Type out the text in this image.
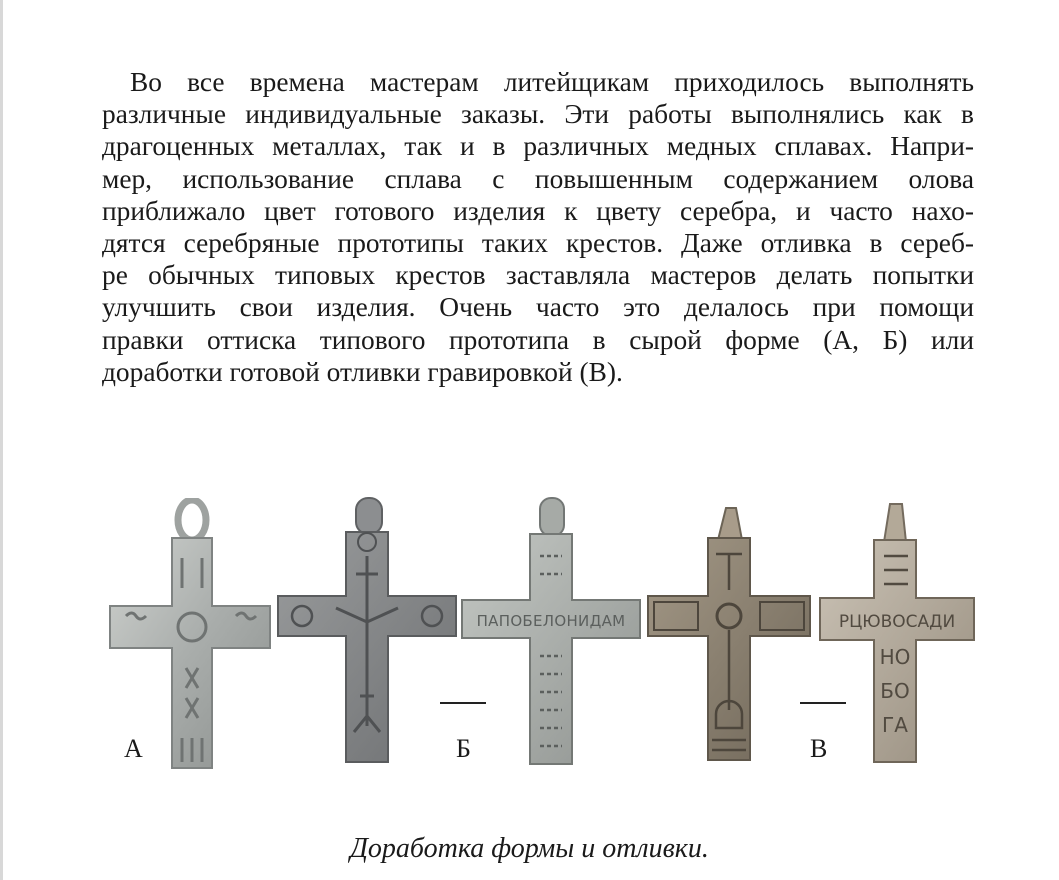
Во все времена мастерам литейщикам приходилось выполнять
различные индивидуальные заказы. Эти работы выполнялись как в
драгоценных металлах, так и в различных медных сплавах. Напри-
мер, использование сплава с повышенным содержанием олова
приближало цвет готового изделия к цвету серебра, и часто нахо-
дятся серебряные прототипы таких крестов. Даже отливка в сереб-
ре обычных типовых крестов заставляла мастеров делать попытки
улучшить свои изделия. Очень часто это делалось при помощи
правки оттиска типового прототипа в сырой форме (А, Б) или
доработки готовой отливки гравировкой (В).
ПАПОБЕЛОНИДАМ	РЦЮВОСАДИ
НО
БО
ГА
А	Б	В
Доработка формы и отливки.
